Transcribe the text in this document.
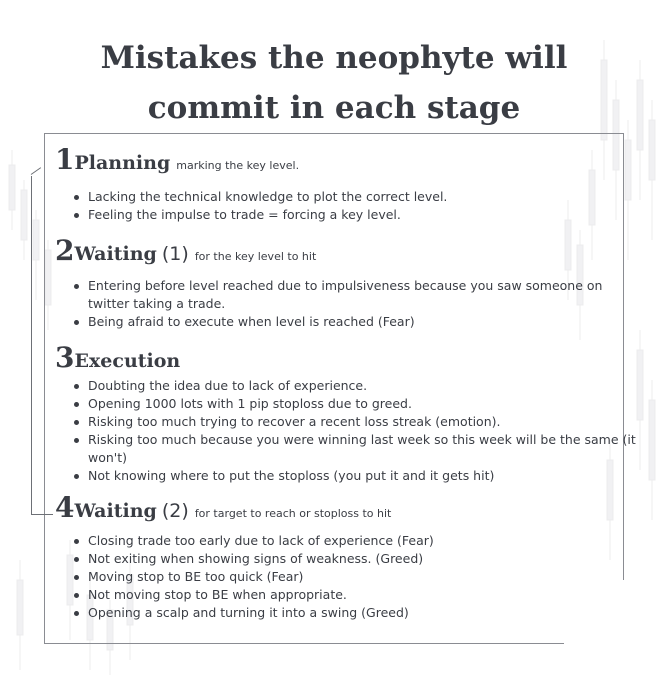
Mistakes the neophyte will
commit in each stage
1Planning marking the key level.
Lacking the technical knowledge to plot the correct level.
Feeling the impulse to trade = forcing a key level.
2Waiting (1) for the key level to hit
Entering before level reached due to impulsiveness because you saw someone on
twitter taking a trade.
Being afraid to execute when level is reached (Fear)
3Execution
Doubting the idea due to lack of experience.
Opening 1000 lots with 1 pip stoploss due to greed.
Risking too much trying to recover a recent loss streak (emotion).
Risking too much because you were winning last week so this week will be the same (it
won't)
Not knowing where to put the stoploss (you put it and it gets hit)
4Waiting (2) for target to reach or stoploss to hit
Closing trade too early due to lack of experience (Fear)
Not exiting when showing signs of weakness. (Greed)
Moving stop to BE too quick (Fear)
Not moving stop to BE when appropriate.
Opening a scalp and turning it into a swing (Greed)
